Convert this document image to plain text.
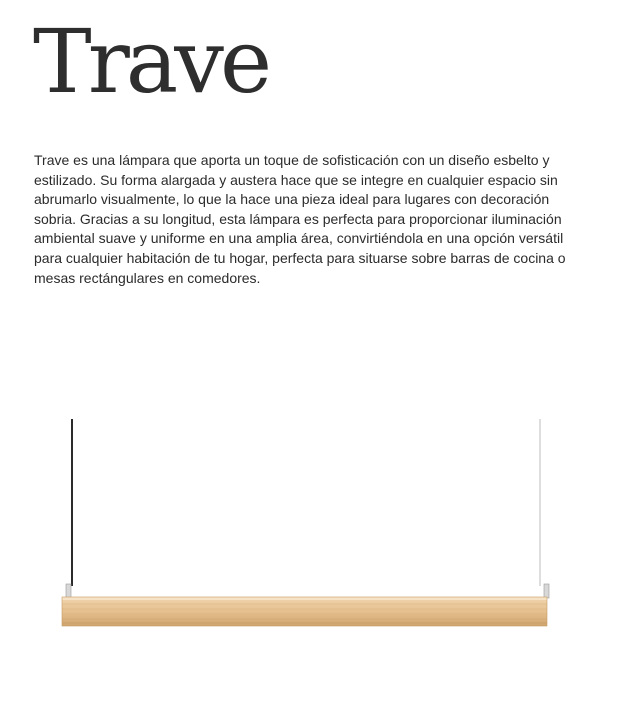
Trave

Trave es una lámpara que aporta un toque de sofisticación con un diseño esbelto y estilizado. Su forma alargada y austera hace que se integre en cualquier espacio sin abrumarlo visualmente, lo que la hace una pieza ideal para lugares con decoración sobria. Gracias a su longitud, esta lámpara es perfecta para proporcionar iluminación ambiental suave y uniforme en una amplia área, convirtiéndola en una opción versátil para cualquier habitación de tu hogar, perfecta para situarse sobre barras de cocina o mesas rectángulares en comedores.
